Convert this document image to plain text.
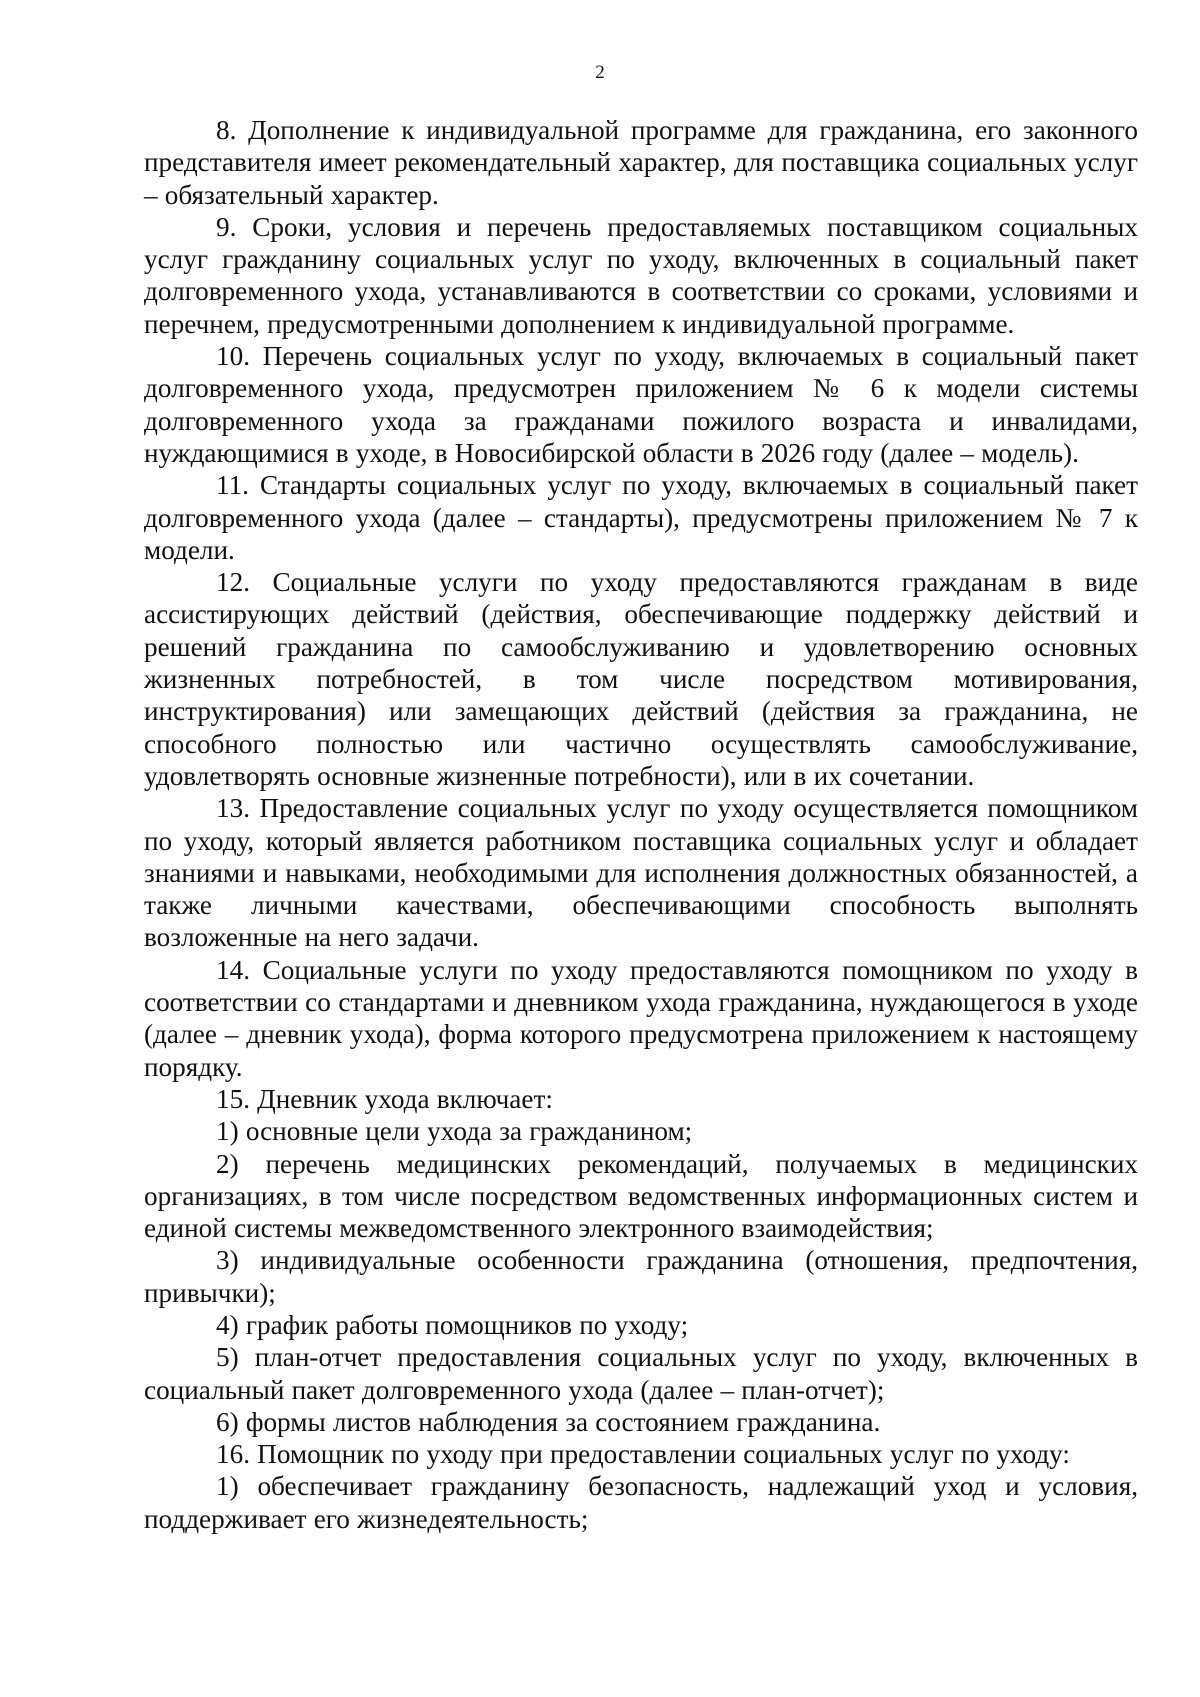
2

8. Дополнение к индивидуальной программе для гражданина, его законного представителя имеет рекомендательный характер, для поставщика социальных услуг – обязательный характер.

9. Сроки, условия и перечень предоставляемых поставщиком социальных услуг гражданину социальных услуг по уходу, включенных в социальный пакет долговременного ухода, устанавливаются в соответствии со сроками, условиями и перечнем, предусмотренными дополнением к индивидуальной программе.

10. Перечень социальных услуг по уходу, включаемых в социальный пакет долговременного ухода, предусмотрен приложением № 6 к модели системы долговременного ухода за гражданами пожилого возраста и инвалидами, нуждающимися в уходе, в Новосибирской области в 2026 году (далее – модель).

11. Стандарты социальных услуг по уходу, включаемых в социальный пакет долговременного ухода (далее – стандарты), предусмотрены приложением № 7 к модели.

12. Социальные услуги по уходу предоставляются гражданам в виде ассистирующих действий (действия, обеспечивающие поддержку действий и решений гражданина по самообслуживанию и удовлетворению основных жизненных потребностей, в том числе посредством мотивирования, инструктирования) или замещающих действий (действия за гражданина, не способного полностью или частично осуществлять самообслуживание, удовлетворять основные жизненные потребности), или в их сочетании.

13. Предоставление социальных услуг по уходу осуществляется помощником по уходу, который является работником поставщика социальных услуг и обладает знаниями и навыками, необходимыми для исполнения должностных обязанностей, а также личными качествами, обеспечивающими способность выполнять возложенные на него задачи.

14. Социальные услуги по уходу предоставляются помощником по уходу в соответствии со стандартами и дневником ухода гражданина, нуждающегося в уходе (далее – дневник ухода), форма которого предусмотрена приложением к настоящему порядку.

15. Дневник ухода включает:

1) основные цели ухода за гражданином;

2) перечень медицинских рекомендаций, получаемых в медицинских организациях, в том числе посредством ведомственных информационных систем и единой системы межведомственного электронного взаимодействия;

3) индивидуальные особенности гражданина (отношения, предпочтения, привычки);

4) график работы помощников по уходу;

5) план-отчет предоставления социальных услуг по уходу, включенных в социальный пакет долговременного ухода (далее – план-отчет);

6) формы листов наблюдения за состоянием гражданина.

16. Помощник по уходу при предоставлении социальных услуг по уходу:

1) обеспечивает гражданину безопасность, надлежащий уход и условия, поддерживает его жизнедеятельность;
